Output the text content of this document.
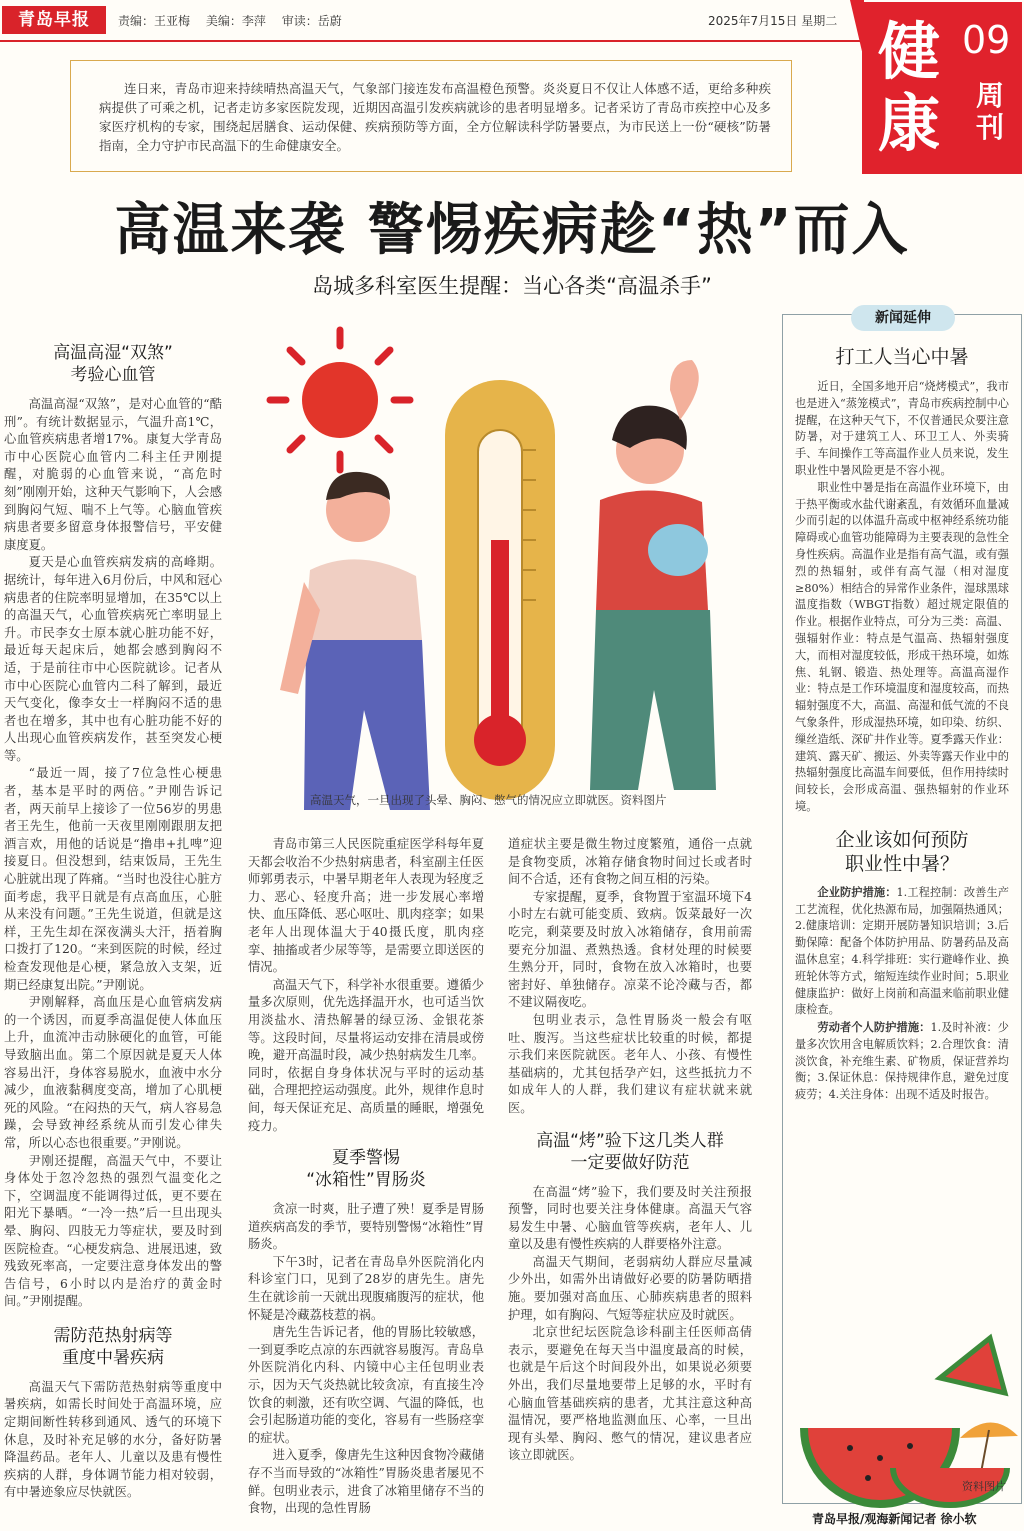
青岛早报	责编：王亚梅 美编：李萍 审读：岳蔚	2025年7月15日 星期二 健康
09
周刊

连日来，青岛市迎来持续晴热高温天气，气象部门接连发布高温橙色预警。炎炎夏日不仅让人体感不适，更给多种疾病提供了可乘之机，记者走访多家医院发现，近期因高温引发疾病就诊的患者明显增多。记者采访了青岛市疾控中心及多家医疗机构的专家，围绕起居膳食、运动保健、疾病预防等方面，全方位解读科学防暑要点，为市民送上一份“硬核”防暑指南，全力守护市民高温下的生命健康安全。

高温来袭 警惕疾病趁“热”而入
岛城多科室医生提醒：当心各类“高温杀手”
高温高湿“双煞”
考验心血管

高温高湿“双煞”，是对心血管的“酷刑”。有统计数据显示，气温升高1℃，心血管疾病患者增17%。康复大学青岛市中心医院心血管内二科主任尹刚提醒，对脆弱的心血管来说，“高危时刻”刚刚开始，这种天气影响下，人会感到胸闷气短、喘不上气等。心脑血管疾病患者要多留意身体报警信号，平安健康度夏。

夏天是心血管疾病发病的高峰期。据统计，每年进入6月份后，中风和冠心病患者的住院率明显增加，在35℃以上的高温天气，心血管疾病死亡率明显上升。市民李女士原本就心脏功能不好，最近每天起床后，她都会感到胸闷不适，于是前往市中心医院就诊。记者从市中心医院心血管内二科了解到，最近天气变化，像李女士一样胸闷不适的患者也在增多，其中也有心脏功能不好的人出现心血管疾病发作，甚至突发心梗等。

“最近一周，接了7位急性心梗患者，基本是平时的两倍。”尹刚告诉记者，两天前早上接诊了一位56岁的男患者王先生，他前一天夜里刚刚跟朋友把酒言欢，用他的话说是“撸串+扎啤”迎接夏日。但没想到，结束饭局，王先生心脏就出现了阵痛。“当时也没往心脏方面考虑，我平日就是有点高血压，心脏从来没有问题。”王先生说道，但就是这样，王先生却在深夜满头大汗，捂着胸口拨打了120。“来到医院的时候，经过检查发现他是心梗，紧急放入支架，近期已经康复出院。”尹刚说。

尹刚解释，高血压是心血管病发病的一个诱因，而夏季高温促使人体血压上升，血流冲击动脉硬化的血管，可能导致脑出血。第二个原因就是夏天人体容易出汗，身体容易脱水，血液中水分减少，血液黏稠度变高，增加了心肌梗死的风险。“在闷热的天气，病人容易急躁，会导致神经系统从而引发心律失常，所以心态也很重要。”尹刚说。

尹刚还提醒，高温天气中，不要让身体处于忽冷忽热的强烈气温变化之下，空调温度不能调得过低，更不要在阳光下暴晒。“一冷一热”后一旦出现头晕、胸闷、四肢无力等症状，要及时到医院检查。“心梗发病急、进展迅速，致残致死率高，一定要注意身体发出的警告信号，6小时以内是治疗的黄金时间。”尹刚提醒。

需防范热射病等
重度中暑疾病

高温天气下需防范热射病等重度中暑疾病，如需长时间处于高温环境，应定期间断性转移到通风、透气的环境下休息，及时补充足够的水分，备好防暑降温药品。老年人、儿童以及患有慢性疾病的人群，身体调节能力相对较弱，有中暑迹象应尽快就医。

高温天气，一旦出现了头晕、胸闷、憋气的情况应立即就医。资料图片

青岛市第三人民医院重症医学科每年夏天都会收治不少热射病患者，科室副主任医师郭勇表示，中暑早期老年人表现为轻度乏力、恶心、轻度升高；进一步发展心率增快、血压降低、恶心呕吐、肌肉痉挛；如果老年人出现体温大于40摄氏度，肌肉痉挛、抽搐或者少尿等等，是需要立即送医的情况。

高温天气下，科学补水很重要。遵循少量多次原则，优先选择温开水，也可适当饮用淡盐水、清热解暑的绿豆汤、金银花茶等。这段时间，尽量将运动安排在清晨或傍晚，避开高温时段，减少热射病发生几率。同时，依据自身身体状况与平时的运动基础，合理把控运动强度。此外，规律作息时间，每天保证充足、高质量的睡眠，增强免疫力。

夏季警惕
“冰箱性”胃肠炎

贪凉一时爽，肚子遭了殃！夏季是胃肠道疾病高发的季节，要特别警惕“冰箱性”胃肠炎。

下午3时，记者在青岛阜外医院消化内科诊室门口，见到了28岁的唐先生。唐先生在就诊前一天就出现腹痛腹泻的症状，他怀疑是冷藏荔枝惹的祸。

唐先生告诉记者，他的胃肠比较敏感，一到夏季吃点凉的东西就容易腹泻。青岛阜外医院消化内科、内镜中心主任包明业表示，因为天气炎热就比较贪凉，有直接生冷饮食的刺激，还有吹空调、气温的降低，也会引起肠道功能的变化，容易有一些肠痉挛的症状。

进入夏季，像唐先生这种因食物冷藏储存不当而导致的“冰箱性”胃肠炎患者屡见不鲜。包明业表示，进食了冰箱里储存不当的食物，出现的急性胃肠

道症状主要是微生物过度繁殖，通俗一点就是食物变质，冰箱存储食物时间过长或者时间不合适，还有食物之间互相的污染。

专家提醒，夏季，食物置于室温环境下4小时左右就可能变质、致病。饭菜最好一次吃完，剩菜要及时放入冰箱储存，食用前需要充分加温、煮熟热透。食材处理的时候要生熟分开，同时，食物在放入冰箱时，也要密封好、单独储存。凉菜不论冷藏与否，都不建议隔夜吃。

包明业表示，急性胃肠炎一般会有呕吐、腹泻。当这些症状比较重的时候，都提示我们来医院就医。老年人、小孩、有慢性基础病的，尤其包括孕产妇，这些抵抗力不如成年人的人群，我们建议有症状就来就医。

高温“烤”验下这几类人群
一定要做好防范

在高温“烤”验下，我们要及时关注预报预警，同时也要关注身体健康。高温天气容易发生中暑、心脑血管等疾病，老年人、儿童以及患有慢性疾病的人群要格外注意。

高温天气期间，老弱病幼人群应尽量减少外出，如需外出请做好必要的防暑防晒措施。要加强对高血压、心肺疾病患者的照料护理，如有胸闷、气短等症状应及时就医。

北京世纪坛医院急诊科副主任医师高倩表示，要避免在每天当中温度最高的时候，也就是午后这个时间段外出，如果说必须要外出，我们尽量地要带上足够的水，平时有心脑血管基础疾病的患者，尤其注意这种高温情况，要严格地监测血压、心率，一旦出现有头晕、胸闷、憋气的情况，建议患者应该立即就医。

新闻延伸
打工人当心中暑

近日，全国多地开启“烧烤模式”，我市也是进入“蒸笼模式”，青岛市疾病控制中心提醒，在这种天气下，不仅普通民众要注意防暑，对于建筑工人、环卫工人、外卖骑手、车间操作工等高温作业人员来说，发生职业性中暑风险更是不容小视。

职业性中暑是指在高温作业环境下，由于热平衡或水盐代谢紊乱，有效循环血量减少而引起的以体温升高或中枢神经系统功能障碍或心血管功能障碍为主要表现的急性全身性疾病。高温作业是指有高气温，或有强烈的热辐射，或伴有高气湿（相对湿度≥80%）相结合的异常作业条件，湿球黑球温度指数（WBGT指数）超过规定限值的作业。根据作业特点，可分为三类：高温、强辐射作业：特点是气温高、热辐射强度大，而相对湿度较低，形成干热环境，如炼焦、轧钢、锻造、热处理等。高温高湿作业：特点是工作环境温度和湿度较高，而热辐射强度不大，高温、高湿和低气流的不良气象条件，形成湿热环境，如印染、纺织、缫丝造纸、深矿井作业等。夏季露天作业：建筑、露天矿、搬运、外卖等露天作业中的热辐射强度比高温车间要低，但作用持续时间较长，会形成高温、强热辐射的作业环境。

企业该如何预防
职业性中暑？

企业防护措施：1.工程控制：改善生产工艺流程，优化热源布局，加强隔热通风；2.健康培训：定期开展防暑知识培训；3.后勤保障：配备个体防护用品、防暑药品及高温休息室；4.科学排班：实行避峰作业、换班轮休等方式，缩短连续作业时间；5.职业健康监护：做好上岗前和高温来临前职业健康检查。

劳动者个人防护措施：1.及时补液：少量多次饮用含电解质饮料；2.合理饮食：清淡饮食，补充维生素、矿物质，保证营养均衡；3.保证休息：保持规律作息，避免过度疲劳；4.关注身体：出现不适及时报告。

资料图片
青岛早报/观海新闻记者 徐小软
